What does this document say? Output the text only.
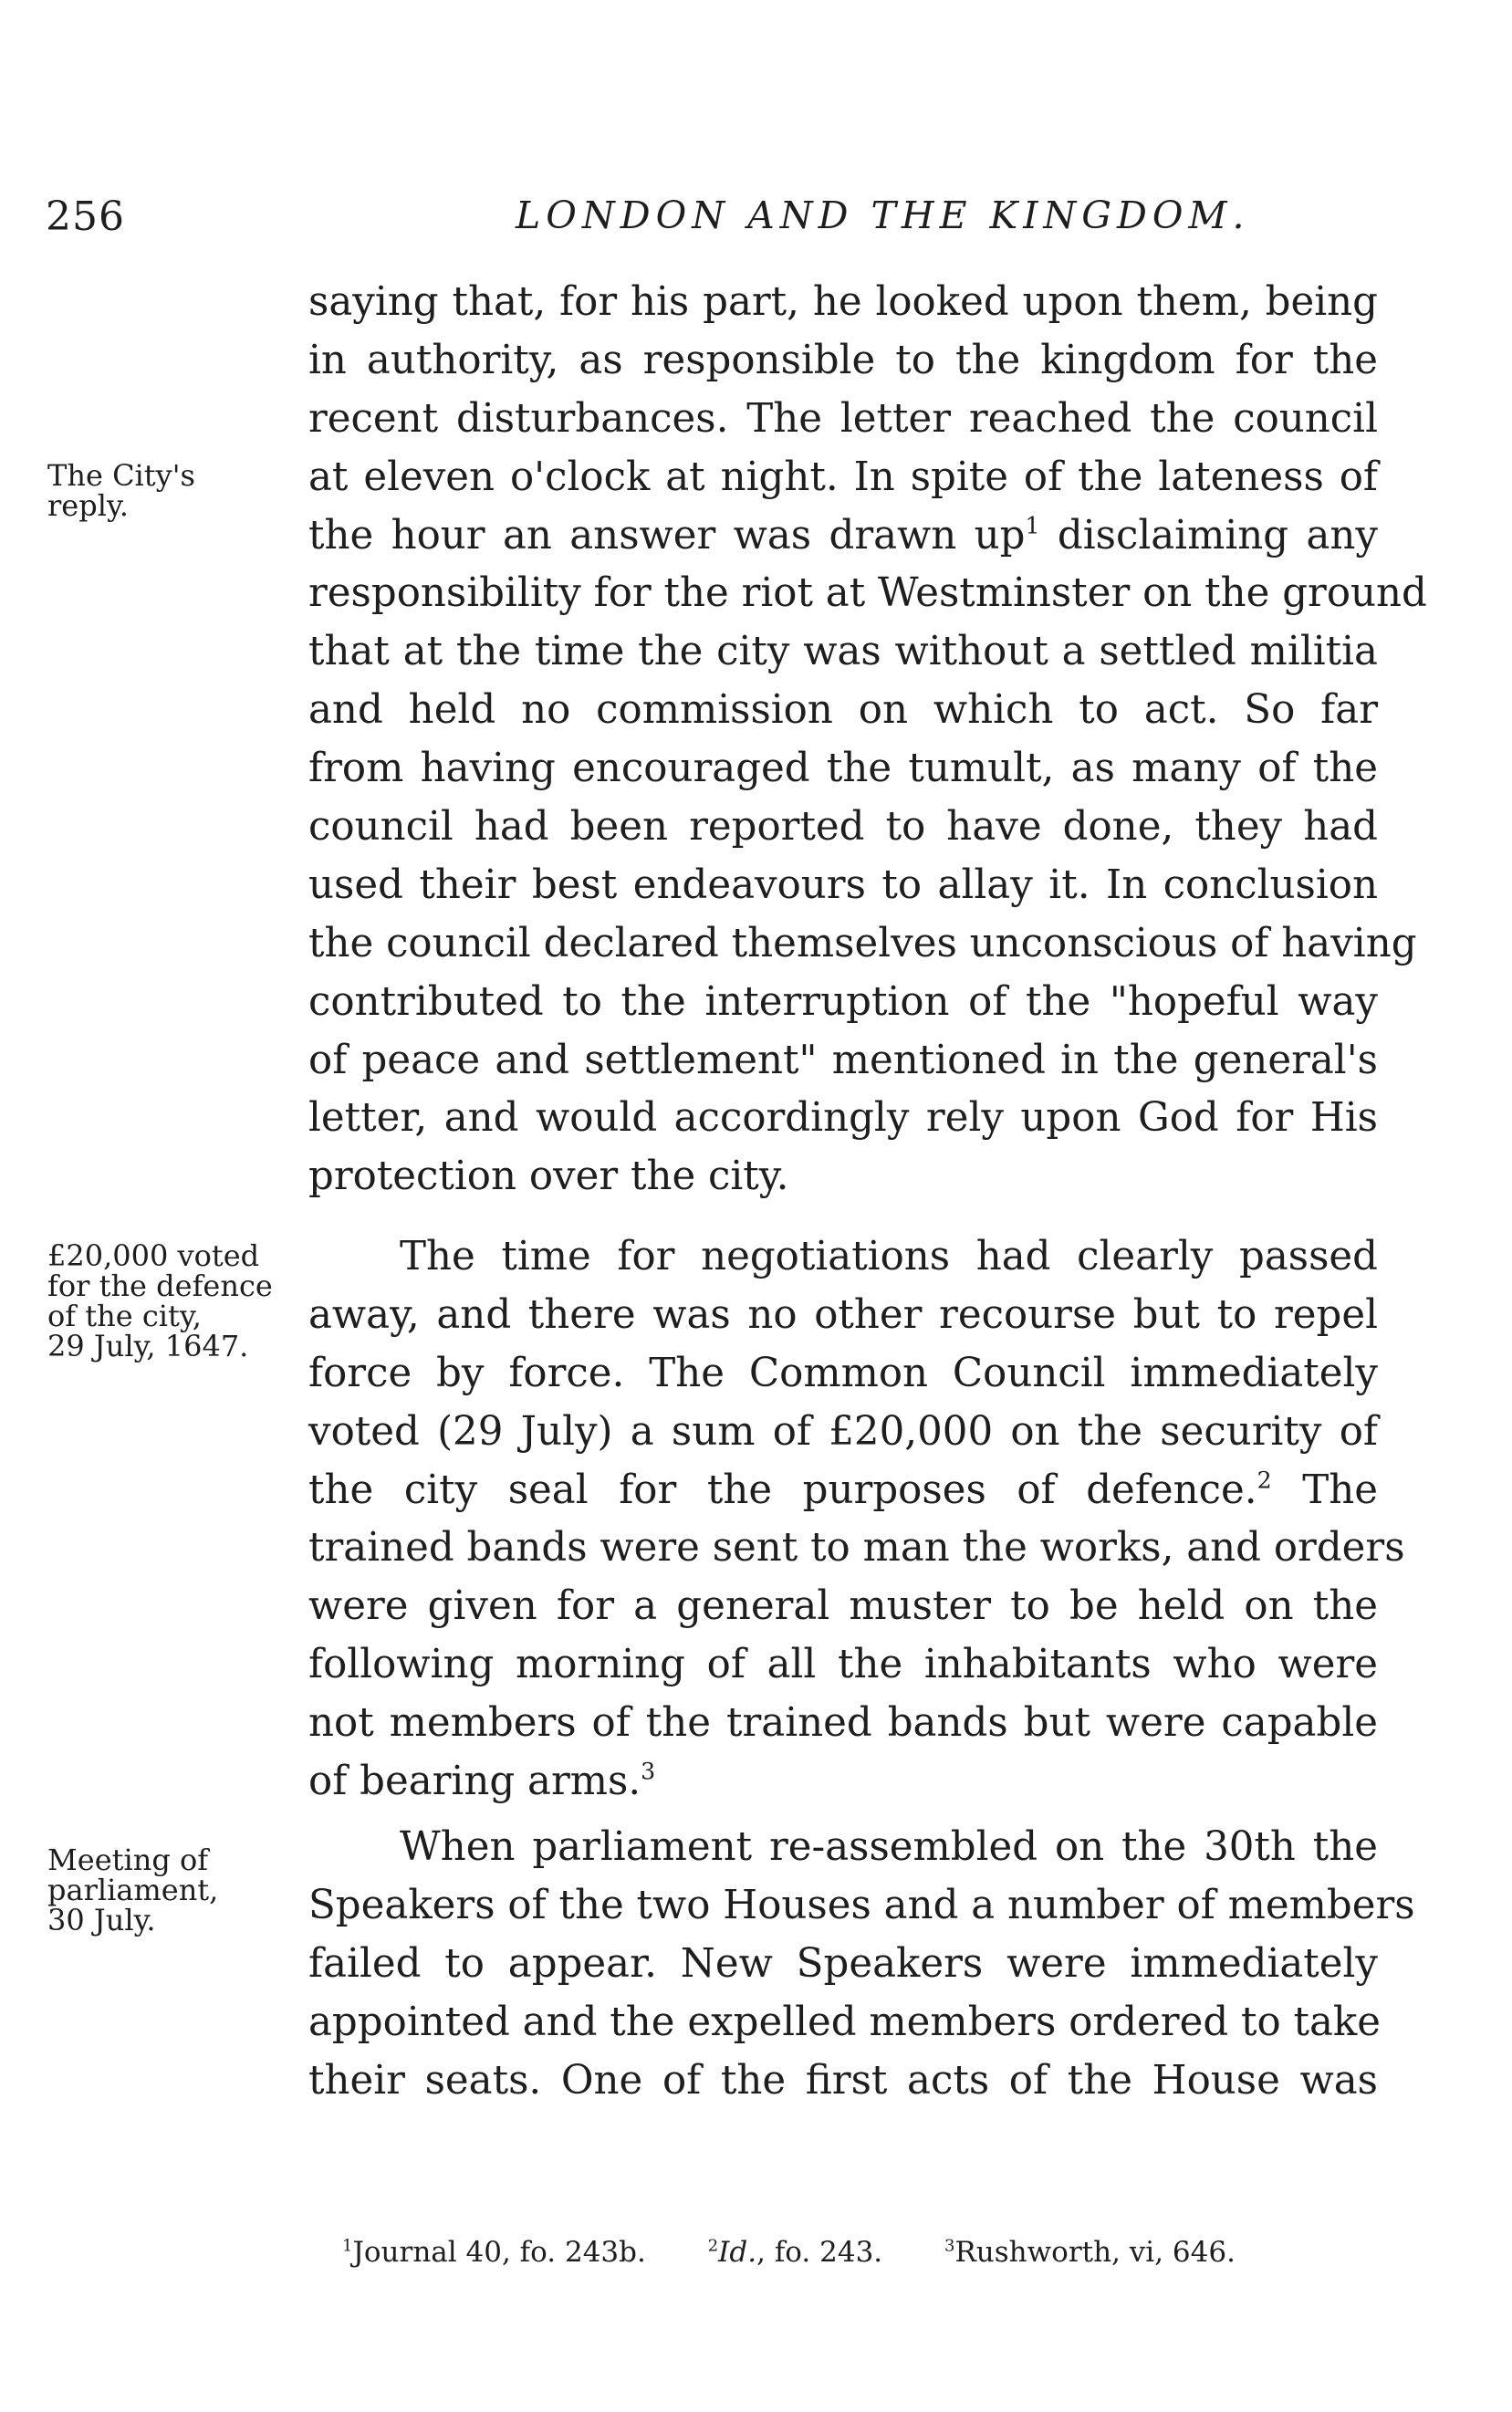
256	LONDON AND THE KINGDOM.
saying that, for his part, he looked upon them, being
in authority, as responsible to the kingdom for the
recent disturbances. The letter reached the council
at eleven o'clock at night. In spite of the lateness of
the hour an answer was drawn $up^1$ disclaiming any
responsibility for the riot at Westminster on the ground
that at the time the city was without a settled militia
and held no commission on which to act. So far
from having encouraged the tumult, as many of the
council had been reported to have done, they had
used their best endeavours to allay it. In conclusion
the council declared themselves unconscious of having
contributed to the interruption of the "hopeful way
of peace and settlement" mentioned in the general's
letter, and would accordingly rely upon God for His
protection over the city.
The time for negotiations had clearly passed
away, and there was no other recourse but to repel
force by force. The Common Council immediately
voted (29 July) a sum of £20,000 on the security of
the city seal for the purposes of defence.$^2$ The
trained bands were sent to man the works, and orders
were given for a general muster to be held on the
following morning of all the inhabitants who were
not members of the trained bands but were capable
of bearing arms.$^3$
When parliament re-assembled on the 30th the
Speakers of the two Houses and a number of members
failed to appear. New Speakers were immediately
appointed and the expelled members ordered to take
their seats. One of the first acts of the House was
The City's
reply.
£20,000 voted
for the defence
of the city,
29 July, 1647.
Meeting of
parliament,
30 July.
$^1$Journal 40, fo. 243b.	$^2$Id., fo. 243.	$^3$Rushworth, vi, 646.
